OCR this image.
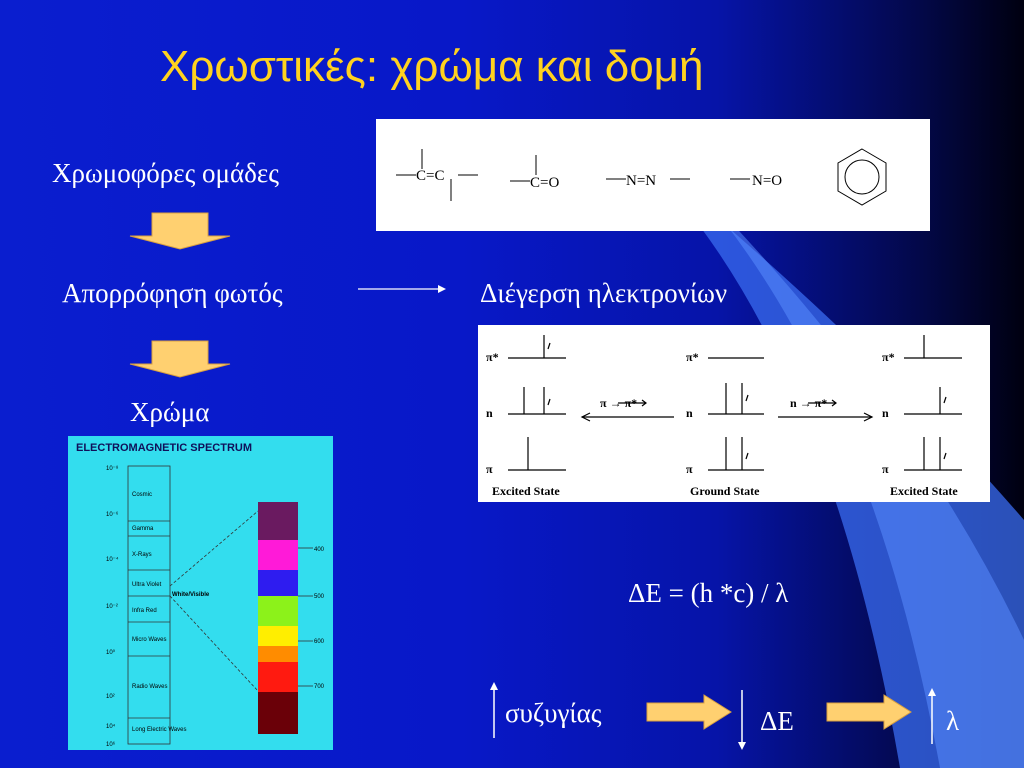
Χρωστικές: χρώμα και δομή
Χρωμοφόρες ομάδες	C=C	C=O	N=N	N=O
Απορρόφηση φωτός	Διέγερση ηλεκτρονίων
π*
n
π
π*
n
π
π*
n
π
π → π*	n → π*
Excited State	Ground State	Excited State
Χρώμα
ELECTROMAGNETIC SPECTRUM
10⁻⁸
10⁻⁶
10⁻⁴
10⁻²
10⁰
10²
10⁴
10⁶
Cosmic
Gamma
X-Rays
Ultra Violet
Infra Red
Micro Waves
Radio Waves
Long Electric Waves
White/Visible
400
500
600
700
ΔΕ = (h *c) / λ
συζυγίας	ΔΕ	λ
